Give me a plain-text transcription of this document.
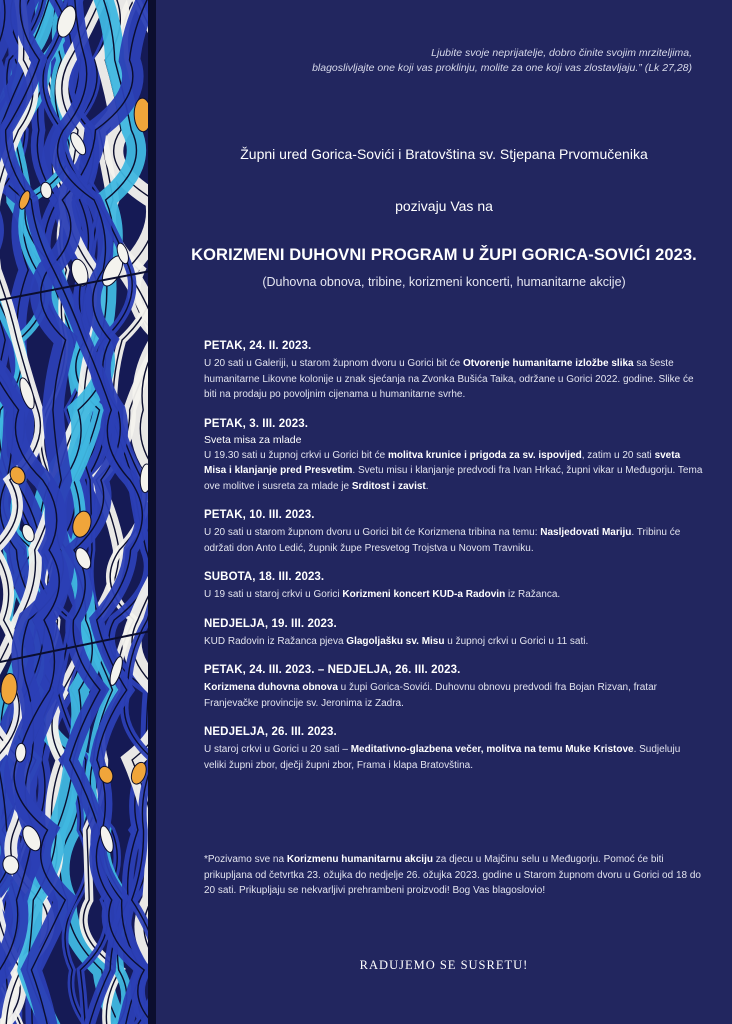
Ljubite svoje neprijatelje, dobro činite svojim mrziteljima,
blagoslivljajte one koji vas proklinju, molite za one koji vas zlostavljaju.” (Lk 27,28)
Župni ured Gorica-Sovići i Bratovština sv. Stjepana Prvomučenika
pozivaju Vas na
KORIZMENI DUHOVNI PROGRAM U ŽUPI GORICA-SOVIĆI 2023.
(Duhovna obnova, tribine, korizmeni koncerti, humanitarne akcije)
PETAK, 24. II. 2023.
U 20 sati u Galeriji, u starom župnom dvoru u Gorici bit će Otvorenje humanitarne izložbe slika sa šeste humanitarne Likovne kolonije u znak sjećanja na Zvonka Bušića Taika, održane u Gorici 2022. godine. Slike će biti na prodaju po povoljnim cijenama u humanitarne svrhe.
PETAK, 3. III. 2023.
Sveta misa za mlade
U 19.30 sati u župnoj crkvi u Gorici bit će molitva krunice i prigoda za sv. ispovijed, zatim u 20 sati sveta Misa i klanjanje pred Presvetim. Svetu misu i klanjanje predvodi fra Ivan Hrkać, župni vikar u Međugorju. Tema ove molitve i susreta za mlade je Srditost i zavist.
PETAK, 10. III. 2023.
U 20 sati u starom župnom dvoru u Gorici bit će Korizmena tribina na temu: Nasljedovati Mariju. Tribinu će održati don Anto Ledić, župnik župe Presvetog Trojstva u Novom Travniku.
SUBOTA, 18. III. 2023.
U 19 sati u staroj crkvi u Gorici Korizmeni koncert KUD-a Radovin iz Ražanca.
NEDJELJA, 19. III. 2023.
KUD Radovin iz Ražanca pjeva Glagoljašku sv. Misu u župnoj crkvi u Gorici u 11 sati.
PETAK, 24. III. 2023. – NEDJELJA, 26. III. 2023.
Korizmena duhovna obnova u župi Gorica-Sovići. Duhovnu obnovu predvodi fra Bojan Rizvan, fratar Franjevačke provincije sv. Jeronima iz Zadra.
NEDJELJA, 26. III. 2023.
U staroj crkvi u Gorici u 20 sati – Meditativno-glazbena večer, molitva na temu Muke Kristove. Sudjeluju veliki župni zbor, dječji župni zbor, Frama i klapa Bratovština.
*Pozivamo sve na Korizmenu humanitarnu akciju za djecu u Majčinu selu u Međugorju. Pomoć će biti prikupljana od četvrtka 23. ožujka do nedjelje 26. ožujka 2023. godine u Starom župnom dvoru u Gorici od 18 do 20 sati. Prikupljaju se nekvarljivi prehrambeni proizvodi! Bog Vas blagoslovio!
RADUJEMO SE SUSRETU!
